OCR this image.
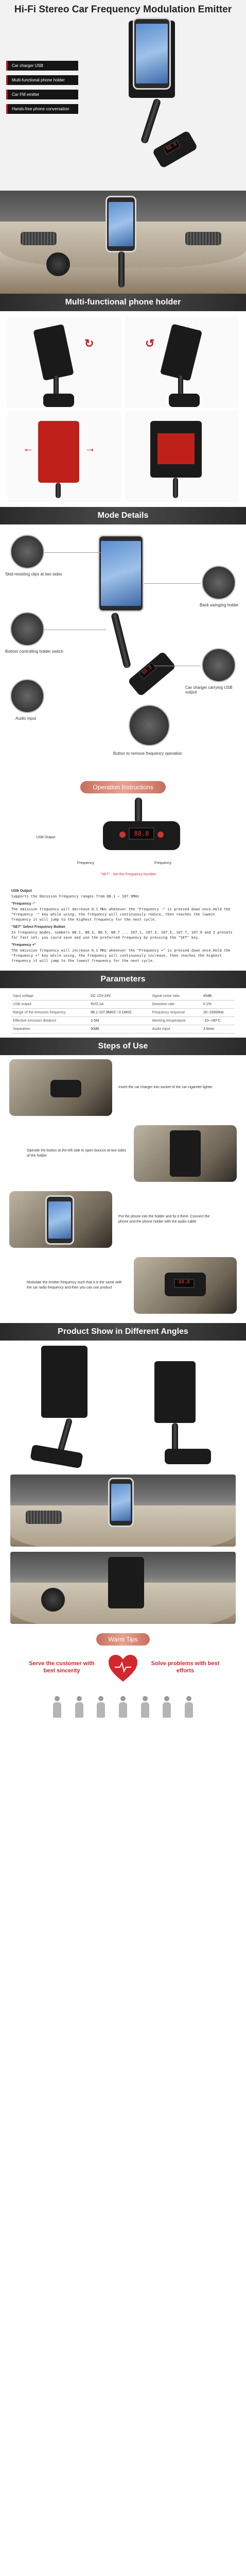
Hi-Fi Stereo Car Frequency Modulation Emitter
Car charger USB
Multi-functional phone holder
Car FM emitter
Hands-free phone conversation
88.8
Multi-functional phone holder
↻	↺
←	→
Mode Details
88.8
Skid-resisting clips at two sides
Back swinging holder
Bottom controlling holder switch
Car charger carrying USB output
Audio input
Button to remove frequency operation
Operation Instructions
88.8
USB Output
Frequency	Frequency
"SET" : Set the Frequency Number

USB Output
Supports the Emission Frequency ranges from 88.1 ~ 107.9MHz

"Frequency -"
The emission frequency will decrease 0.1 MHz whenever the "Frequency -" is pressed down once.Hold the "Frequency -" key while using, the frequency will continuously reduce, then reaches the lowest frequency it will jump to the highest frequency for the next cycle.

"SET" Select Frequency Button
In frequency modes, numbers 88.1, 88.3, 88.5, 88.7 ... 107.1, 107.3, 107.5, 107.7, 107.9 and 2 presets for fast set; you could save and use the preferred frequency by pressing the "SET" key.

"Frequency +"
The emission frequency will increase 0.1 MHz whenever the "Frequency +" is pressed down once.Hold the "Frequency +" key while using, the frequency will continuously increase, then reaches the highest frequency it will jump to the lowest frequency for the next cycle.

Parameters
Input voltage	DC 12V-24V	Signal noise ratio	45dB
USB output	5V/2.1A	Distortion rate	0.1%
Range of the emission frequency	88.1-107.9MHZ / 0.1MHZ	Frequency response	20~15000Hz
Effective emission distance	2-5M	Working temperature	-10~+60°C
Separation	60dB	Audio input	3.5mm
Steps of Use
Insert the car charger into socket of the car cigarette lighter
Operate the button at the left side to open bounce at two sides of the holder
Put the phone into the holder and fix it there. Connect the phone and the phone holder with the audio cable
88.8
Modulate the emitter frequency such that it is the same with the car radio frequency and then you can use product
Product Show in Different Angles
Warm Tips
Serve the customer with best sincerity
Solve problems with best efforts
